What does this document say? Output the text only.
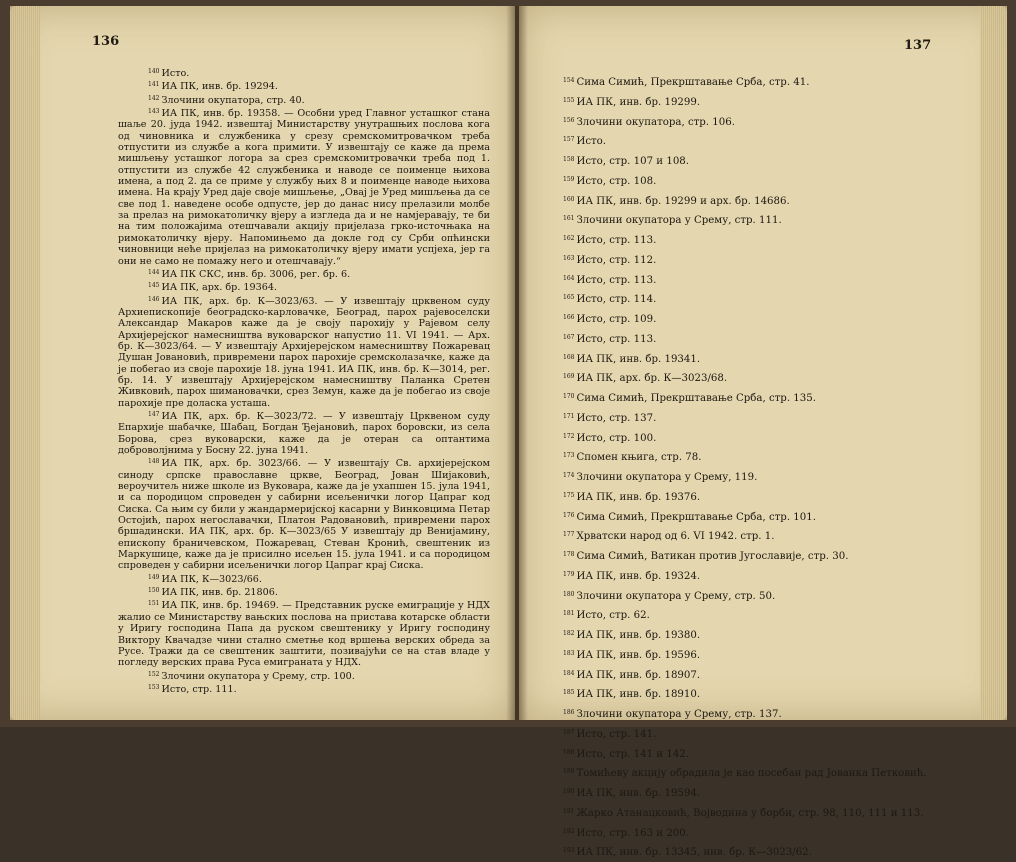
136

$^{140}$ Исто.

$^{141}$ ИА ПК, инв. бр. 19294.

$^{142}$ Злочини окупатора, стр. 40.

$^{143}$ ИА ПК, инв. бр. 19358. — Особни уред Главног усташког стана шаље 20. јуда 1942. извештај Министарству унутрашњих послова кога од чиновника и службеника у срезу сремскомитровачком треба отпустити из службе а кога примити. У извештају се каже да према мишљењу усташког логора за срез сремскомитровачки треба под 1. отпустити из службе 42 службеника и наводе се поименце њихова имена, а под 2. да се приме у службу њих 8 и поименце наводе њихова имена. На крају Уред даје своје мишљење, „Овај је Уред мишљења да се све под 1. наведене особе одпусте, јер до данас нису прелазили молбе за прелаз на римокатоличку вјеру а изгледа да и не намјеравају, те би на тим положајима отешчавали акцију пријелаза грко-источњака на римокатоличку вјеру. Напомињемо да докле год су Срби опћински чиновници неће пријелаз на римокатоличку вјеру имати успјеха, јер га они не само не помажу него и отешчавају.“

$^{144}$ ИА ПК СКС, инв. бр. 3006, рег. бр. 6.

$^{145}$ ИА ПК, арх. бр. 19364.

$^{146}$ ИА ПК, арх. бр. К—3023/63. — У извештају црквеном суду Архиепископије београдско-карловачке, Београд, парох рајевоселски Александар Макаров каже да је своју парохију у Рајевом селу Архијерејског намесништва вуковарског напустио 11. VI 1941. — Арх. бр. К—3023/64. — У извештају Архијерејском намесништву Пожаревац Душан Јовановић, привремени парох парохије сремсколазачке, каже да је побегао из своје парохије 18. јуна 1941. ИА ПК, инв. бр. К—3014, рег. бр. 14. У извештају Архијерејском намесништву Паланка Сретен Живковић, парох шимановачки, срез Земун, каже да је побегао из своје парохије пре доласка усташа.

$^{147}$ ИА ПК, арх. бр. К—3023/72. — У извештају Црквеном суду Епархије шабачке, Шабац, Богдан Ђејановић, парох боровски, из села Борова, срез вуковарски, каже да је отеран са оптантима доброволјнима у Босну 22. јуна 1941.

$^{148}$ ИА ПК, арх. бр. 3023/66. — У извештају Св. архијерејском синоду српске православне цркве, Београд, Јован Шијаковић, вероучитељ ниже школе из Вуковара, каже да је ухапшен 15. јула 1941, и са породицом спроведен у сабирни исељенички логор Цапраг код Сиска. Са њим су били у жандармеријској касарни у Винковцима Петар Остојић, парох негославачки, Платон Радовановић, привремени парох бршадински. ИА ПК, арх. бр. К—3023/65 У извештају др Венијамину, епископу браничевском, Пожаревац, Стеван Кронић, свештеник из Маркушице, каже да је присилно исељен 15. јула 1941. и са породицом спроведен у сабирни исељенички логор Цапраг крај Сиска.

$^{149}$ ИА ПК, К—3023/66.

$^{150}$ ИА ПК, инв. бр. 21806.

$^{151}$ ИА ПК, инв. бр. 19469. — Представник руске емиграције у НДХ жалио се Министарству вањских послова на пристава котарске области у Иригу господина Папа да руском свештенику у Иригу господину Виктору Квачадзе чини стално сметње код вршења верских обреда за Русе. Тражи да се свештеник заштити, позивајући се на став владе у погледу верских права Руса емиграната у НДХ.

$^{152}$ Злочини окупатора у Срему, стр. 100.

$^{153}$ Исто, стр. 111.

137

$^{154}$ Сима Симић, Прекрштавање Срба, стр. 41.

$^{155}$ ИА ПК, инв. бр. 19299.

$^{156}$ Злочини окупатора, стр. 106.

$^{157}$ Исто.

$^{158}$ Исто, стр. 107 и 108.

$^{159}$ Исто, стр. 108.

$^{160}$ ИА ПК, инв. бр. 19299 и арх. бр. 14686.

$^{161}$ Злочини окупатора у Срему, стр. 111.

$^{162}$ Исто, стр. 113.

$^{163}$ Исто, стр. 112.

$^{164}$ Исто, стр. 113.

$^{165}$ Исто, стр. 114.

$^{166}$ Исто, стр. 109.

$^{167}$ Исто, стр. 113.

$^{168}$ ИА ПК, инв. бр. 19341.

$^{169}$ ИА ПК, арх. бр. К—3023/68.

$^{170}$ Сима Симић, Прекрштавање Срба, стр. 135.

$^{171}$ Исто, стр. 137.

$^{172}$ Исто, стр. 100.

$^{173}$ Спомен књига, стр. 78.

$^{174}$ Злочини окупатора у Срему, 119.

$^{175}$ ИА ПК, инв. бр. 19376.

$^{176}$ Сима Симић, Прекрштавање Срба, стр. 101.

$^{177}$ Хрватски народ од 6. VI 1942. стр. 1.

$^{178}$ Сима Симић, Ватикан против Југославије, стр. 30.

$^{179}$ ИА ПК, инв. бр. 19324.

$^{180}$ Злочини окупатора у Срему, стр. 50.

$^{181}$ Исто, стр. 62.

$^{182}$ ИА ПК, инв. бр. 19380.

$^{183}$ ИА ПК, инв. бр. 19596.

$^{184}$ ИА ПК, инв. бр. 18907.

$^{185}$ ИА ПК, инв. бр. 18910.

$^{186}$ Злочини окупатора у Срему, стр. 137.

$^{187}$ Исто, стр. 141.

$^{188}$ Исто, стр. 141 и 142.

$^{189}$ Томићеву акцију обрадила је као посебан рад Јованка Петковић.

$^{190}$ ИА ПК, инв. бр. 19594.

$^{191}$ Жарко Атанацковић, Војводина у борби, стр. 98, 110, 111 и 113.

$^{192}$ Исто, стр. 163 и 200.

$^{193}$ ИА ПК, инв. бр. 13345, инв. бр. К—3023/62.
